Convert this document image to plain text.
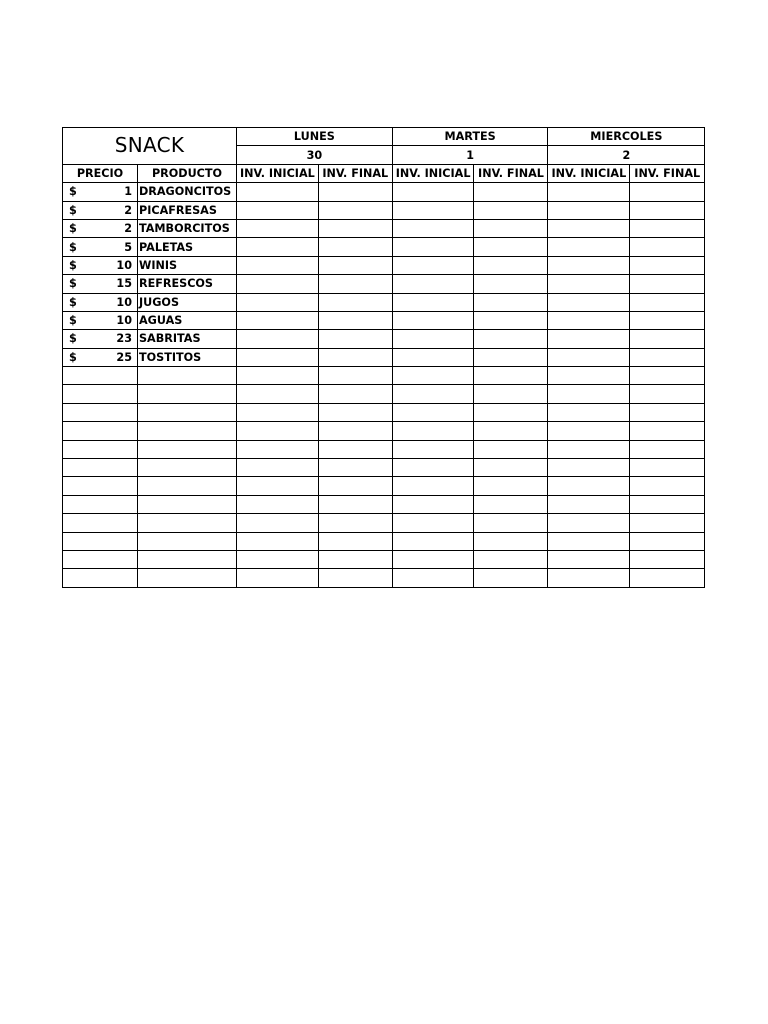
SNACK		LUNES		MARTES		MIERCOLES	
		30		1		2	
PRECIO	PRODUCTO	INV. INICIAL	INV. FINAL	INV. INICIAL	INV. FINAL	INV. INICIAL	INV. FINAL

$ 1	DRAGONCITOS						

$ 2	PICAFRESAS						

$ 2	TAMBORCITOS						

$ 5	PALETAS						

$ 10	WINIS						

$ 15	REFRESCOS						

$ 10	JUGOS						

$ 10	AGUAS						

$ 23	SABRITAS						

$ 25	TOSTITOS						
